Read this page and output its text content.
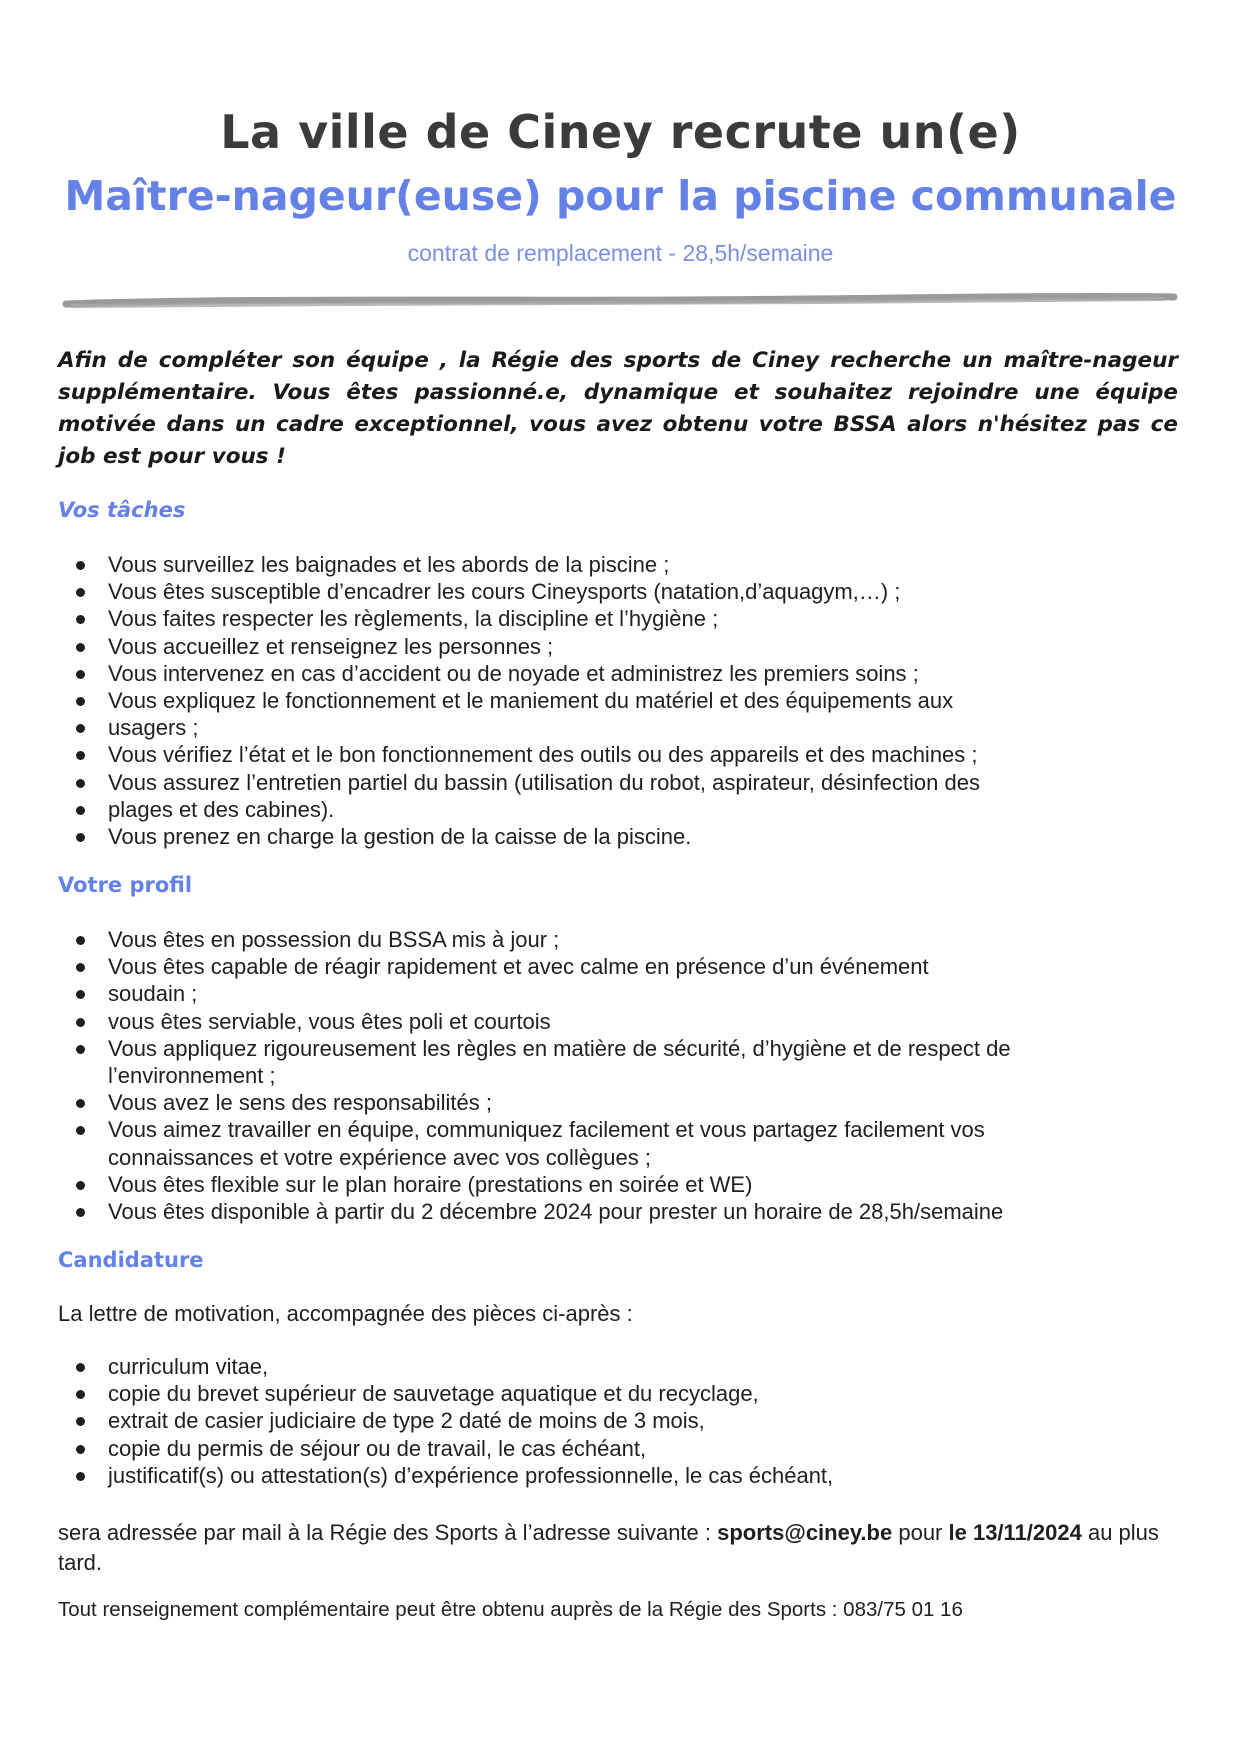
La ville de Ciney recrute un(e)
Maître-nageur(euse) pour la piscine communale

contrat de remplacement - 28,5h/semaine

Afin de compléter son équipe , la Régie des sports de Ciney recherche un maître-nageur supplémentaire. Vous êtes passionné.e, dynamique et souhaitez rejoindre une équipe motivée dans un cadre exceptionnel, vous avez obtenu votre BSSA alors n'hésitez pas ce job est pour vous !

Vos tâches
Vous surveillez les baignades et les abords de la piscine ;
Vous êtes susceptible d’encadrer les cours Cineysports (natation,d’aquagym,…) ;
Vous faites respecter les règlements, la discipline et l’hygiène ;
Vous accueillez et renseignez les personnes ;
Vous intervenez en cas d’accident ou de noyade et administrez les premiers soins ;
Vous expliquez le fonctionnement et le maniement du matériel et des équipements aux
usagers ;
Vous vérifiez l’état et le bon fonctionnement des outils ou des appareils et des machines ;
Vous assurez l’entretien partiel du bassin (utilisation du robot, aspirateur, désinfection des
plages et des cabines).
Vous prenez en charge la gestion de la caisse de la piscine.
Votre profil
Vous êtes en possession du BSSA mis à jour ;
Vous êtes capable de réagir rapidement et avec calme en présence d’un événement
soudain ;
vous êtes serviable, vous êtes poli et courtois
Vous appliquez rigoureusement les règles en matière de sécurité, d’hygiène et de respect de
l’environnement ;
Vous avez le sens des responsabilités ;
Vous aimez travailler en équipe, communiquez facilement et vous partagez facilement vos
connaissances et votre expérience avec vos collègues ;
Vous êtes flexible sur le plan horaire (prestations en soirée et WE)
Vous êtes disponible à partir du 2 décembre 2024 pour prester un horaire de 28,5h/semaine
Candidature

La lettre de motivation, accompagnée des pièces ci-après :

curriculum vitae,
copie du brevet supérieur de sauvetage aquatique et du recyclage,
extrait de casier judiciaire de type 2 daté de moins de 3 mois,
copie du permis de séjour ou de travail, le cas échéant,
justificatif(s) ou attestation(s) d’expérience professionnelle, le cas échéant,

sera adressée par mail à la Régie des Sports à l’adresse suivante : sports@ciney.be pour le 13/11/2024 au plus tard.

Tout renseignement complémentaire peut être obtenu auprès de la Régie des Sports : 083/75 01 16
